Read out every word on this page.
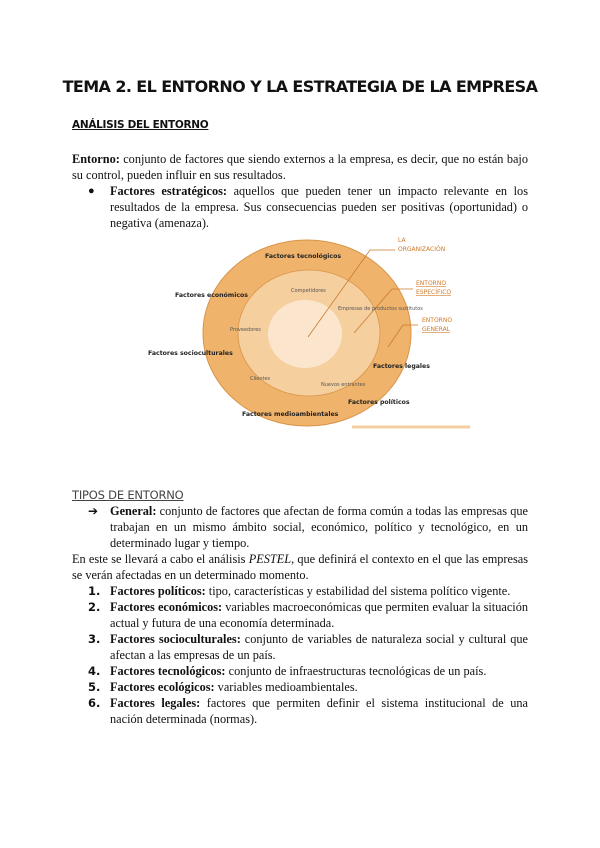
TEMA 2. EL ENTORNO Y LA ESTRATEGIA DE LA EMPRESA
ANÁLISIS DEL ENTORNO
Entorno: conjunto de factores que siendo externos a la empresa, es decir, que no están bajo su control, pueden influir en sus resultados.
●	Factores estratégicos: aquellos que pueden tener un impacto relevante en los resultados de la empresa. Sus consecuencias pueden ser positivas (oportunidad) o negativa (amenaza).
Factores tecnológicos
Factores económicos
Factores socioculturales
Factores legales
Factores políticos
Factores medioambientales
Competidores
Empresas de productos sustitutos
Proveedores
Clientes
Nuevos entrantes
LA
ORGANIZACIÓN
ENTORNO
ESPECÍFICO
ENTORNO
GENERAL
TIPOS DE ENTORNO
➔ General: conjunto de factores que afectan de forma común a todas las empresas que trabajan en un mismo ámbito social, económico, político y tecnológico, en un determinado lugar y tiempo.
En este se llevará a cabo el análisis PESTEL, que definirá el contexto en el que las empresas se verán afectadas en un determinado momento.
1. Factores políticos: tipo, características y estabilidad del sistema político vigente.
2. Factores económicos: variables macroeconómicas que permiten evaluar la situación actual y futura de una economía determinada.
3. Factores socioculturales: conjunto de variables de naturaleza social y cultural que afectan a las empresas de un país.
4. Factores tecnológicos: conjunto de infraestructuras tecnológicas de un país.
5. Factores ecológicos: variables medioambientales.
6. Factores legales: factores que permiten definir el sistema institucional de una nación determinada (normas).
